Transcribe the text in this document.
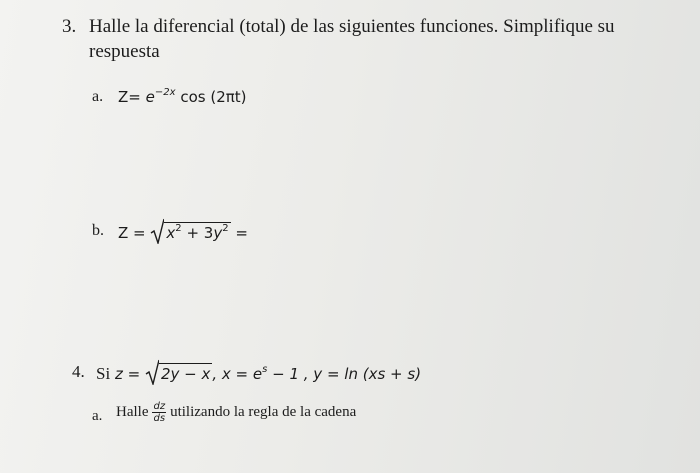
3. Halle la diferencial (total) de las siguientes funciones. Simplifique su
respuesta
a. $Z= e^{-2x}$ cos (2πt)
b. $Z = x^2 + 3y^2$ =
4. Si z = 2y − x , $x = e^s - 1$ , y = ln (xs + s)
a. Halle $\frac{dz}{ds}$ utilizando la regla de la cadena
